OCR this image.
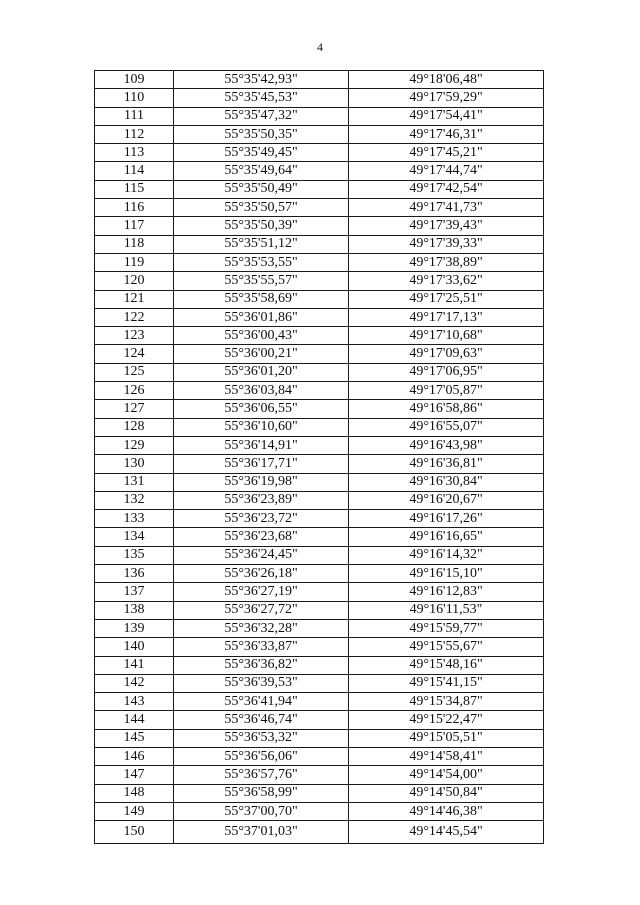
4
109	55°35'42,93"	49°18'06,48"
110	55°35'45,53"	49°17'59,29"
111	55°35'47,32"	49°17'54,41"
112	55°35'50,35"	49°17'46,31"
113	55°35'49,45"	49°17'45,21"
114	55°35'49,64"	49°17'44,74"
115	55°35'50,49"	49°17'42,54"
116	55°35'50,57"	49°17'41,73"
117	55°35'50,39"	49°17'39,43"
118	55°35'51,12"	49°17'39,33"
119	55°35'53,55"	49°17'38,89"
120	55°35'55,57"	49°17'33,62"
121	55°35'58,69"	49°17'25,51"
122	55°36'01,86"	49°17'17,13"
123	55°36'00,43"	49°17'10,68"
124	55°36'00,21"	49°17'09,63"
125	55°36'01,20"	49°17'06,95"
126	55°36'03,84"	49°17'05,87"
127	55°36'06,55"	49°16'58,86"
128	55°36'10,60"	49°16'55,07"
129	55°36'14,91"	49°16'43,98"
130	55°36'17,71"	49°16'36,81"
131	55°36'19,98"	49°16'30,84"
132	55°36'23,89"	49°16'20,67"
133	55°36'23,72"	49°16'17,26"
134	55°36'23,68"	49°16'16,65"
135	55°36'24,45"	49°16'14,32"
136	55°36'26,18"	49°16'15,10"
137	55°36'27,19"	49°16'12,83"
138	55°36'27,72"	49°16'11,53"
139	55°36'32,28"	49°15'59,77"
140	55°36'33,87"	49°15'55,67"
141	55°36'36,82"	49°15'48,16"
142	55°36'39,53"	49°15'41,15"
143	55°36'41,94"	49°15'34,87"
144	55°36'46,74"	49°15'22,47"
145	55°36'53,32"	49°15'05,51"
146	55°36'56,06"	49°14'58,41"
147	55°36'57,76"	49°14'54,00"
148	55°36'58,99"	49°14'50,84"
149	55°37'00,70"	49°14'46,38"
150	55°37'01,03"	49°14'45,54"
